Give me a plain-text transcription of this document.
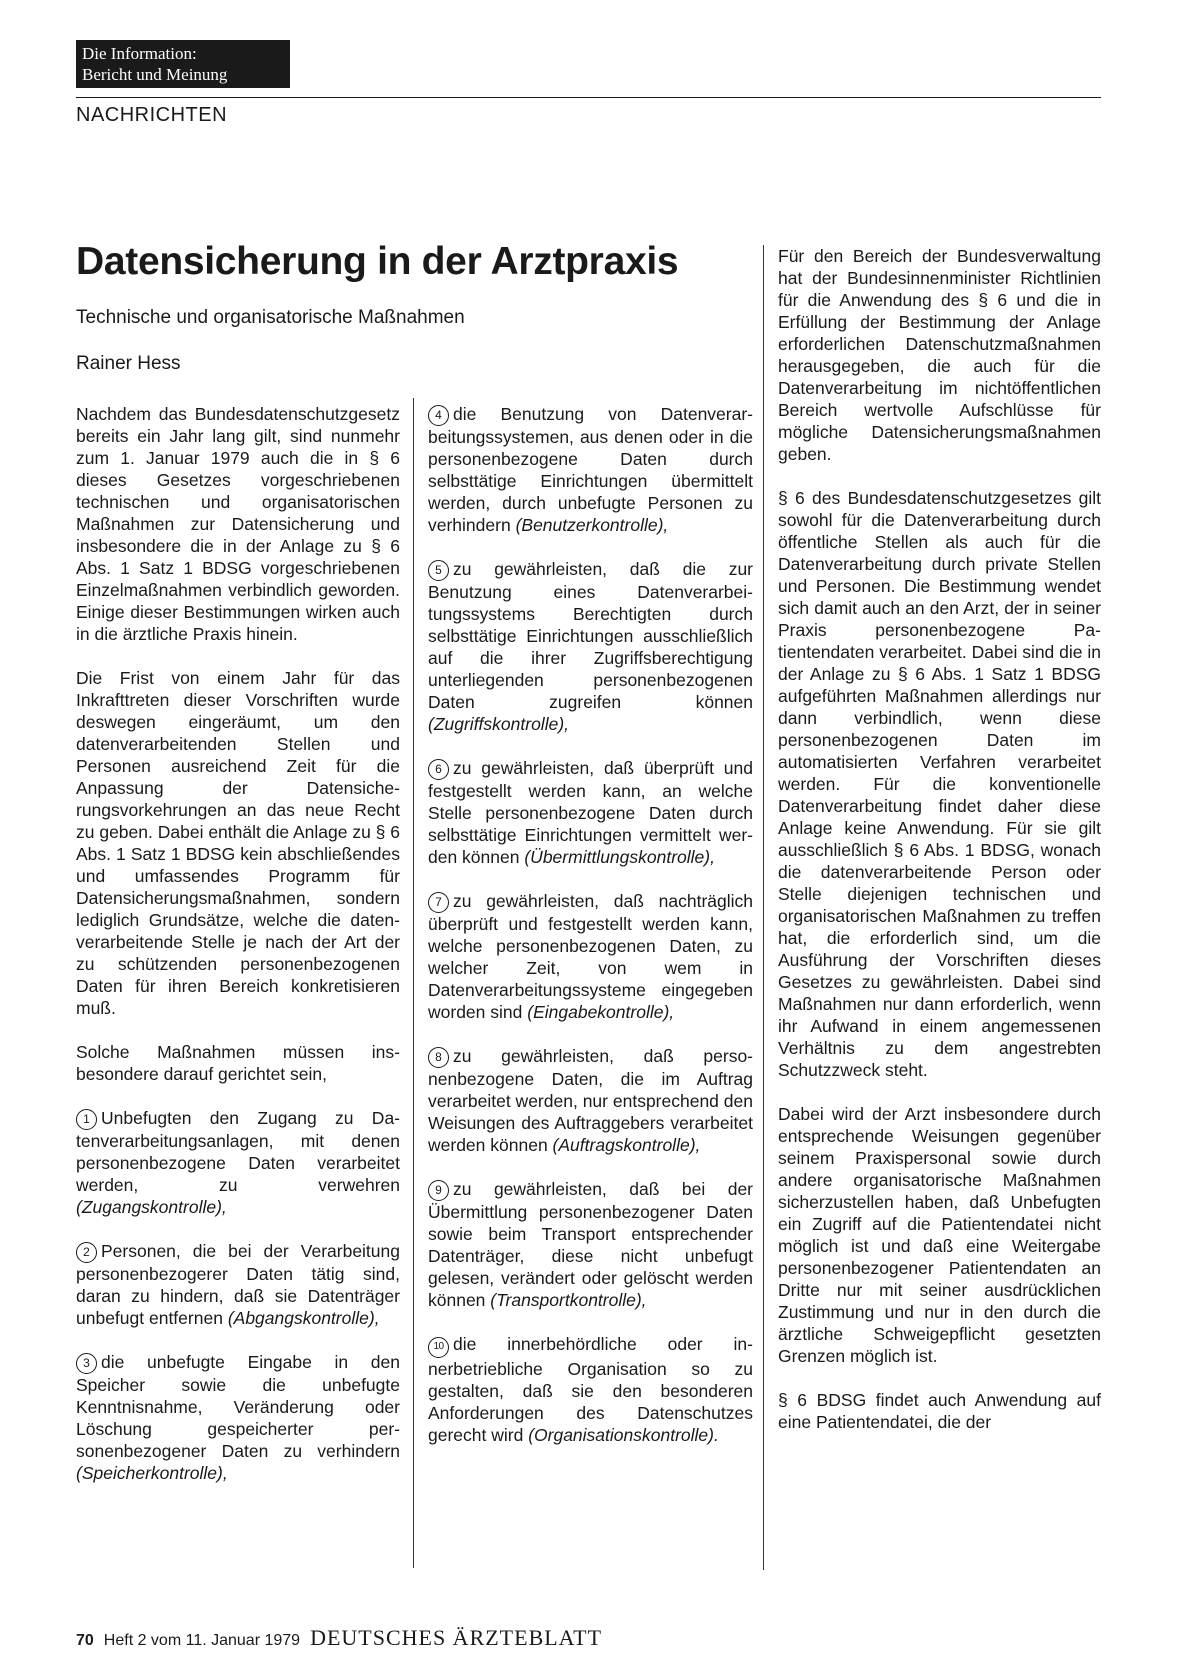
Die Information:
Bericht und Meinung
NACHRICHTEN
Datensicherung in der Arztpraxis
Technische und organisatorische Maßnahmen
Rainer Hess

Nachdem das Bundesdatenschutzgesetz bereits ein Jahr lang gilt, sind nunmehr zum 1. Januar 1979 auch die in § 6 dieses Gesetzes vorgeschriebenen technischen und organisatorischen Maßnahmen zur Datensicherung und insbesondere die in der Anlage zu § 6 Abs. 1 Satz 1 BDSG vorgeschriebenen Einzelmaßnahmen verbindlich geworden. Einige dieser Bestimmungen wirken auch in die ärztliche Praxis hinein.

Die Frist von einem Jahr für das Inkrafttreten dieser Vorschriften wurde deswegen eingeräumt, um den datenverarbeitenden Stellen und Personen ausreichend Zeit für die Anpassung der Datensicherungsvorkehrungen an das neue Recht zu geben. Dabei enthält die Anlage zu § 6 Abs. 1 Satz 1 BDSG kein abschließendes und umfassendes Programm für Datensicherungsmaßnahmen, sondern lediglich Grundsätze, welche die datenverarbeitende Stelle je nach der Art der zu schützenden personenbezogenen Daten für ihren Bereich konkretisieren muß.

Solche Maßnahmen müssen insbesondere darauf gerichtet sein,

1 Unbefugten den Zugang zu Datenverarbeitungsanlagen, mit denen personenbezogene Daten verarbeitet werden, zu verwehren (Zugangskontrolle),

2 Personen, die bei der Verarbeitung personenbezogerer Daten tätig sind, daran zu hindern, daß sie Datenträger unbefugt entfernen (Abgangskontrolle),

3 die unbefugte Eingabe in den Speicher sowie die unbefugte Kenntnisnahme, Veränderung oder Löschung gespeicherter personenbezogener Daten zu verhindern (Speicherkontrolle),

4 die Benutzung von Datenverarbeitungssystemen, aus denen oder in die personenbezogene Daten durch selbsttätige Einrichtungen übermittelt werden, durch unbefugte Personen zu verhindern (Benutzerkontrolle),

5 zu gewährleisten, daß die zur Benutzung eines Datenverarbeitungssystems Berechtigten durch selbsttätige Einrichtungen ausschließlich auf die ihrer Zugriffsberechtigung unterliegenden personenbezogenen Daten zugreifen können (Zugriffskontrolle),

6 zu gewährleisten, daß überprüft und festgestellt werden kann, an welche Stelle personenbezogene Daten durch selbsttätige Einrichtungen vermittelt werden können (Übermittlungskontrolle),

7 zu gewährleisten, daß nachträglich überprüft und festgestellt werden kann, welche personenbezogenen Daten, zu welcher Zeit, von wem in Datenverarbeitungssysteme eingegeben worden sind (Eingabekontrolle),

8 zu gewährleisten, daß personenbezogene Daten, die im Auftrag verarbeitet werden, nur entsprechend den Weisungen des Auftraggebers verarbeitet werden können (Auftragskontrolle),

9 zu gewährleisten, daß bei der Übermittlung personenbezogener Daten sowie beim Transport entsprechender Datenträger, diese nicht unbefugt gelesen, verändert oder gelöscht werden können (Transportkontrolle),

10 die innerbehördliche oder innerbetriebliche Organisation so zu gestalten, daß sie den besonderen Anforderungen des Datenschutzes gerecht wird (Organisationskontrolle).

Für den Bereich der Bundesverwaltung hat der Bundesinnenminister Richtlinien für die Anwendung des § 6 und die in Erfüllung der Bestimmung der Anlage erforderlichen Datenschutzmaßnahmen herausgegeben, die auch für die Datenverarbeitung im nichtöffentlichen Bereich wertvolle Aufschlüsse für mögliche Datensicherungsmaßnahmen geben.

§ 6 des Bundesdatenschutzgesetzes gilt sowohl für die Datenverarbeitung durch öffentliche Stellen als auch für die Datenverarbeitung durch private Stellen und Personen. Die Bestimmung wendet sich damit auch an den Arzt, der in seiner Praxis personenbezogene Patientendaten verarbeitet. Dabei sind die in der Anlage zu § 6 Abs. 1 Satz 1 BDSG aufgeführten Maßnahmen allerdings nur dann verbindlich, wenn diese personenbezogenen Daten im automatisierten Verfahren verarbeitet werden. Für die konventionelle Datenverarbeitung findet daher diese Anlage keine Anwendung. Für sie gilt ausschließlich § 6 Abs. 1 BDSG, wonach die datenverarbeitende Person oder Stelle diejenigen technischen und organisatorischen Maßnahmen zu treffen hat, die erforderlich sind, um die Ausführung der Vorschriften dieses Gesetzes zu gewährleisten. Dabei sind Maßnahmen nur dann erforderlich, wenn ihr Aufwand in einem angemessenen Verhältnis zu dem angestrebten Schutzzweck steht.

Dabei wird der Arzt insbesondere durch entsprechende Weisungen gegenüber seinem Praxispersonal sowie durch andere organisatorische Maßnahmen sicherzustellen haben, daß Unbefugten ein Zugriff auf die Patientendatei nicht möglich ist und daß eine Weitergabe personenbezogener Patientendaten an Dritte nur mit seiner ausdrücklichen Zustimmung und nur in den durch die ärztliche Schweigepflicht gesetzten Grenzen möglich ist.

§ 6 BDSG findet auch Anwendung auf eine Patientendatei, die der

70 Heft 2 vom 11. Januar 1979 DEUTSCHES ÄRZTEBLATT
